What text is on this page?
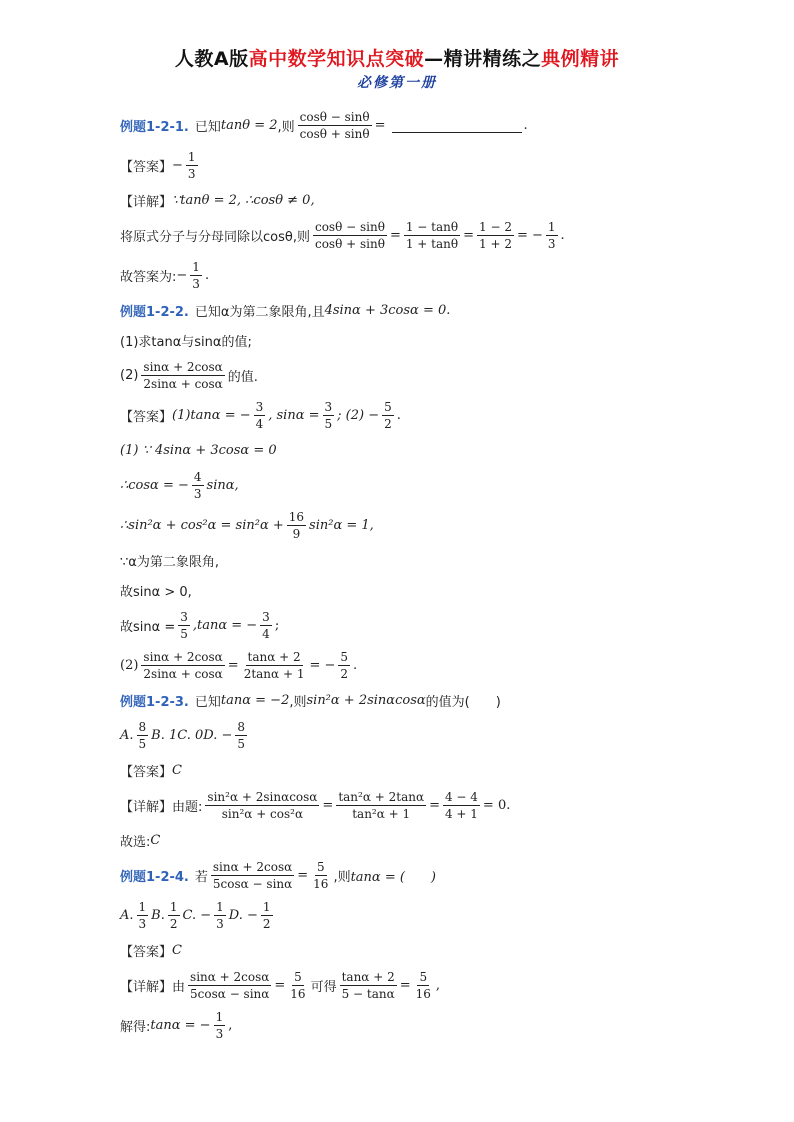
人教A版高中数学知识点突破—精讲精练之典例精讲
必修第一册
例题1-2-1. 已知 tanθ = 2 ,则 $\frac{\cos\theta - \sin\theta}{\cos\theta + \sin\theta}$ =	.
【答案】 − $\frac{1}{3}$
【详解】 ∵tanθ = 2, ∴cosθ ≠ 0,
将原式分子与分母同除以cosθ,则 $\frac{\cos\theta - \sin\theta}{\cos\theta + \sin\theta} = \frac{1 - \tan\theta}{1 + \tan\theta} = \frac{1 - 2}{1 + 2}$ = − $\frac{1}{3}$ .
故答案为: − $\frac{1}{3}$ .
例题1-2-2. 已知α为第二象限角,且 4sinα + 3cosα = 0.
(1)求tanα与sinα的值;
$(2) \frac{\sin\alpha + 2\cos\alpha}{2\sin\alpha + \cos\alpha}$ 的值.
【答案】 (1)tanα = − $\frac{3}{4}$ , $\sin\alpha = \frac{3}{5}$ ; $(2) - \frac{5}{2}$ .
(1) ∵ 4sinα + 3cosα = 0
∴cosα = − $\frac{4}{3} \sin\alpha$,
∴sin²α + $\cos^2\alpha = \sin^2\alpha + \frac{16}{9} \sin^2\alpha = 1$,
∵α为第二象限角,
故sinα > 0,
故$\sin\alpha = \frac{3}{5} ,\tan\alpha$ = − $\frac{3}{4}$ ;
$(2) \frac{\sin\alpha + 2\cos\alpha}{2\sin\alpha + \cos\alpha} = \frac{\tan\alpha + 2}{2\tan\alpha + 1}$ = − $\frac{5}{2}$ .
例题1-2-3. 已知 tanα = −2 ,则 sin²α + 2sinαcosα 的值为(　　)
A. $\frac{8}{5} B$. 1 C. 0 D. − $\frac{8}{5}$
【答案】 C
【详解】 由题: $\frac{\text{sin²α + 2sinαcosα}}{\text{sin²α + cos²α}} = \frac{\text{tan²α + 2tanα}}{\text{tan²α + 1}} = \frac{4 - 4}{4 + 1} = 0$.
故选: C
例题1-2-4. 若 $\frac{\sin\alpha + 2\cos\alpha}{5\cos\alpha - \sin\alpha} = \frac{5}{16}$ ,则 tanα = (　　)
A. $\frac{1}{3} B$. $\frac{1}{2} C$. − $\frac{1}{3} D$. − $\frac{1}{2}$
【答案】 C
【详解】 由 $\frac{\sin\alpha + 2\cos\alpha}{5\cos\alpha - \sin\alpha} = \frac{5}{16}$ 可得 $\frac{\tan\alpha + 2}{5 - \tan\alpha} = \frac{5}{16}$ ,
解得: tanα = − $\frac{1}{3}$ ,
